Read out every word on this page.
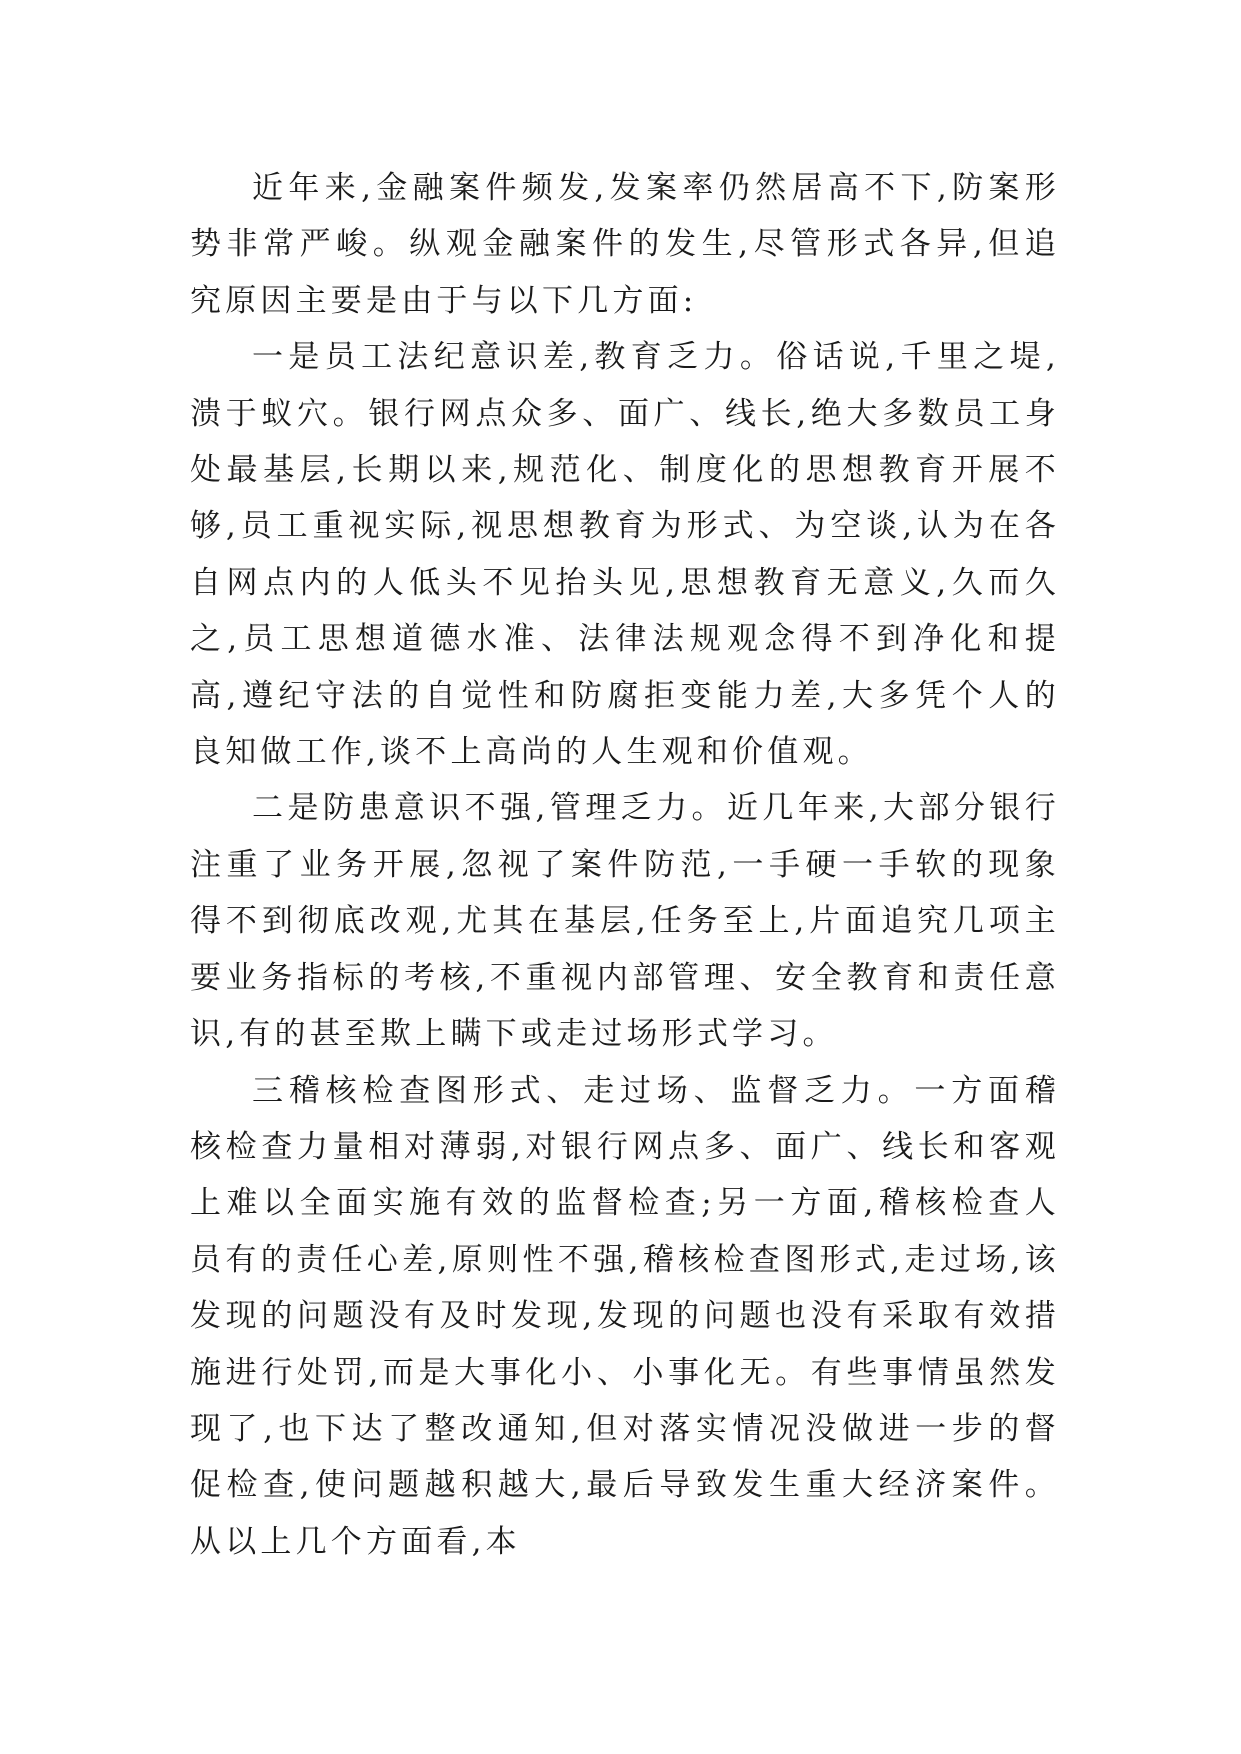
近年来,金融案件频发,发案率仍然居高不下,防案形势非常严峻。纵观金融案件的发生,尽管形式各异,但追究原因主要是由于与以下几方面:

一是员工法纪意识差,教育乏力。俗话说,千里之堤,溃于蚁穴。银行网点众多、面广、线长,绝大多数员工身处最基层,长期以来,规范化、制度化的思想教育开展不够,员工重视实际,视思想教育为形式、为空谈,认为在各自网点内的人低头不见抬头见,思想教育无意义,久而久之,员工思想道德水准、法律法规观念得不到净化和提高,遵纪守法的自觉性和防腐拒变能力差,大多凭个人的良知做工作,谈不上高尚的人生观和价值观。

二是防患意识不强,管理乏力。近几年来,大部分银行注重了业务开展,忽视了案件防范,一手硬一手软的现象得不到彻底改观,尤其在基层,任务至上,片面追究几项主要业务指标的考核,不重视内部管理、安全教育和责任意识,有的甚至欺上瞒下或走过场形式学习。

三稽核检查图形式、走过场、监督乏力。一方面稽核检查力量相对薄弱,对银行网点多、面广、线长和客观上难以全面实施有效的监督检查;另一方面,稽核检查人员有的责任心差,原则性不强,稽核检查图形式,走过场,该发现的问题没有及时发现,发现的问题也没有采取有效措施进行处罚,而是大事化小、小事化无。有些事情虽然发现了,也下达了整改通知,但对落实情况没做进一步的督促检查,使问题越积越大,最后导致发生重大经济案件。从以上几个方面看,本
